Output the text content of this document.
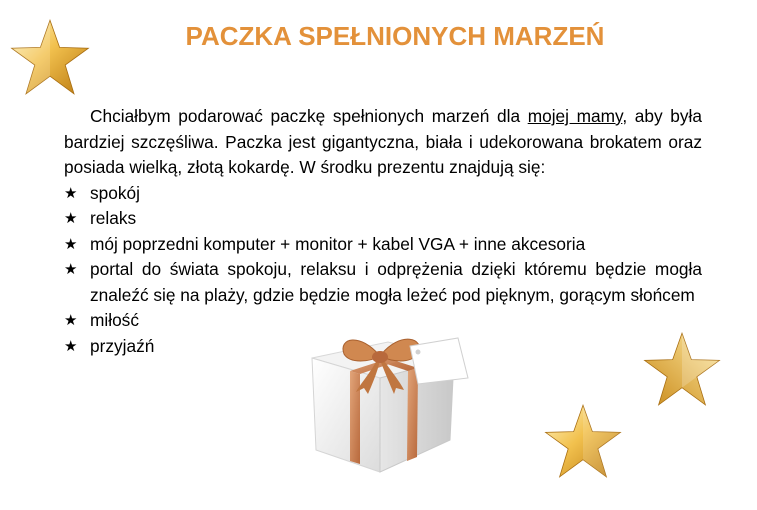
PACZKA SPEŁNIONYCH MARZEŃ

Chciałbym podarować paczkę spełnionych marzeń dla mojej mamy, aby była bardziej szczęśliwa. Paczka jest gigantyczna, biała i udekorowana brokatem oraz posiada wielką, złotą kokardę. W środku prezentu znajdują się:

★ spokój
★ relaks
★ mój poprzedni komputer + monitor + kabel VGA + inne akcesoria
★ portal do świata spokoju, relaksu i odprężenia dzięki któremu będzie mogła znaleźć się na plaży, gdzie będzie mogła leżeć pod pięknym, gorącym słońcem
★ miłość
★ przyjaźń
